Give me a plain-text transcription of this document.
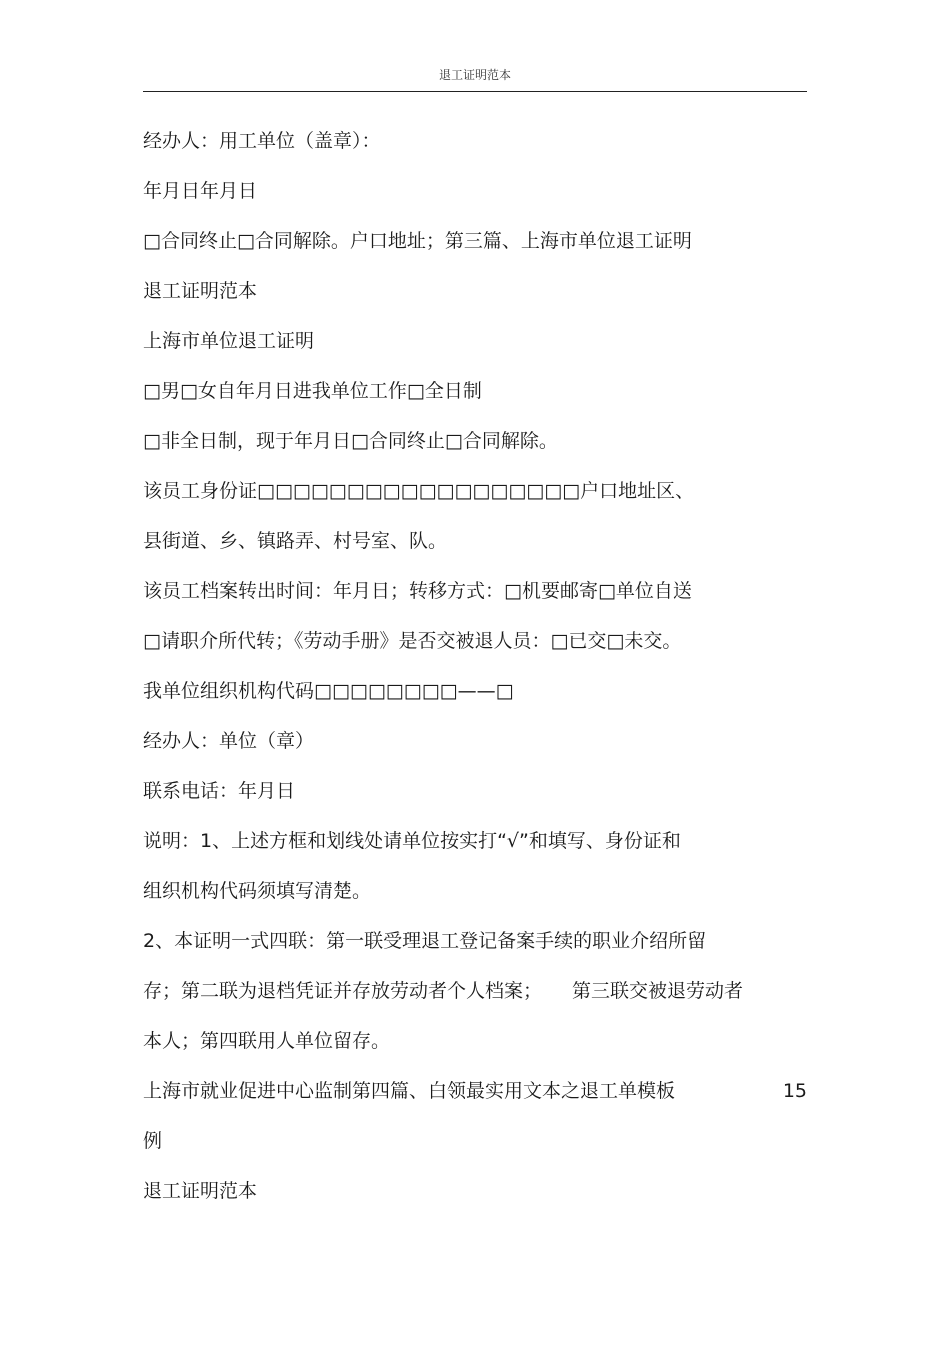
退工证明范本
经办人：用工单位（盖章）：
年月日年月日
□合同终止□合同解除。户口地址；第三篇、上海市单位退工证明
退工证明范本
上海市单位退工证明
□男□女自年月日进我单位工作□全日制
□非全日制，现于年月日□合同终止□合同解除。
该员工身份证□□□□□□□□□□□□□□□□□□户口地址区、
县街道、乡、镇路弄、村号室、队。
该员工档案转出时间：年月日；转移方式：□机要邮寄□单位自送
□请职介所代转；《劳动手册》是否交被退人员：□已交□未交。
我单位组织机构代码□□□□□□□□——□
经办人：单位（章）
联系电话：年月日
说明：1、上述方框和划线处请单位按实打“√”和填写、身份证和
组织机构代码须填写清楚。
2、本证明一式四联：第一联受理退工登记备案手续的职业介绍所留
存；第二联为退档凭证并存放劳动者个人档案； 第三联交被退劳动者
本人；第四联用人单位留存。
上海市就业促进中心监制第四篇、白领最实用文本之退工单模板	15
例
退工证明范本
